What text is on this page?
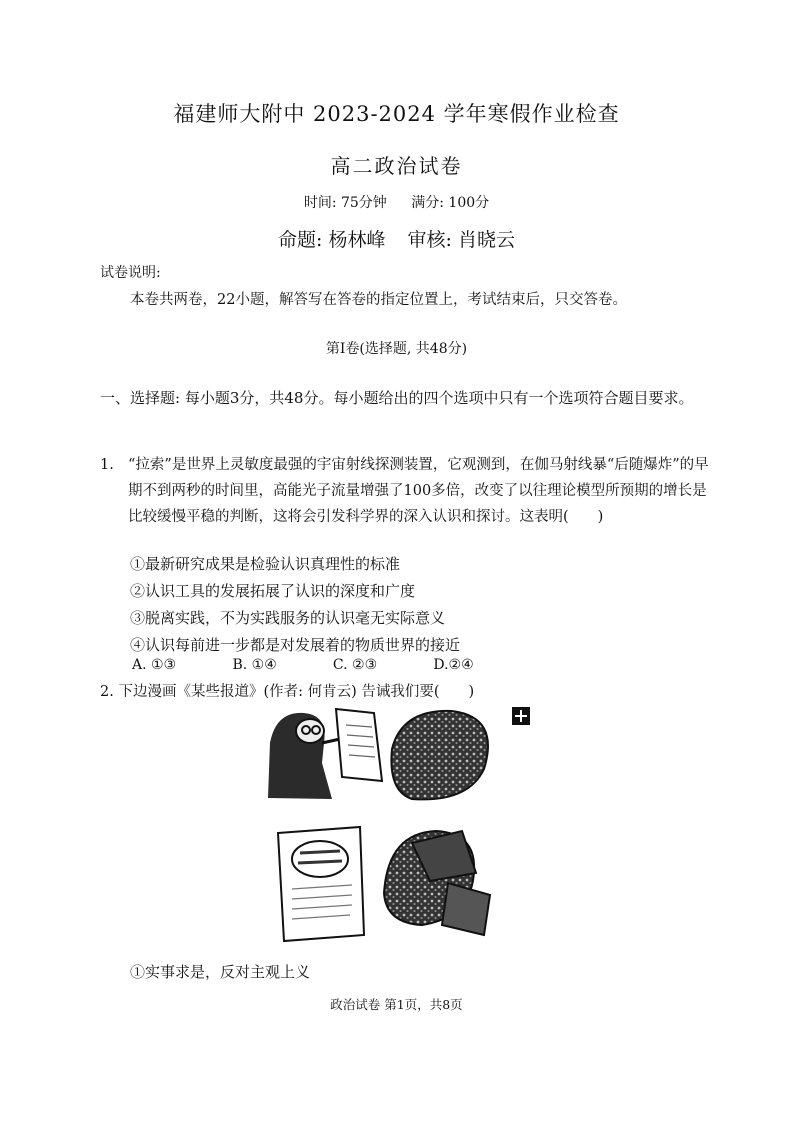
福建师大附中 2023-2024 学年寒假作业检查
高二政治试卷
时间: 75分钟 满分: 100分
命题: 杨林峰 审核: 肖晓云
试卷说明:
本卷共两卷，22小题，解答写在答卷的指定位置上，考试结束后，只交答卷。
第Ⅰ卷(选择题, 共48分)
一、选择题: 每小题3分，共48分。每小题给出的四个选项中只有一个选项符合题目要求。
1. “拉索”是世界上灵敏度最强的宇宙射线探测装置，它观测到，在伽马射线暴“后随爆炸”的早期不到两秒的时间里，高能光子流量增强了100多倍，改变了以往理论模型所预期的增长是比较缓慢平稳的判断，这将会引发科学界的深入认识和探讨。这表明(　　)
①最新研究成果是检验认识真理性的标准
②认识工具的发展拓展了认识的深度和广度
③脱离实践，不为实践服务的认识毫无实际意义
④认识每前进一步都是对发展着的物质世界的接近
A. ①③	B. ①④	C. ②③	D.②④
2. 下边漫画《某些报道》(作者: 何肯云) 告诫我们要(　　)
①实事求是，反对主观上义
政治试卷 第1页，共8页
